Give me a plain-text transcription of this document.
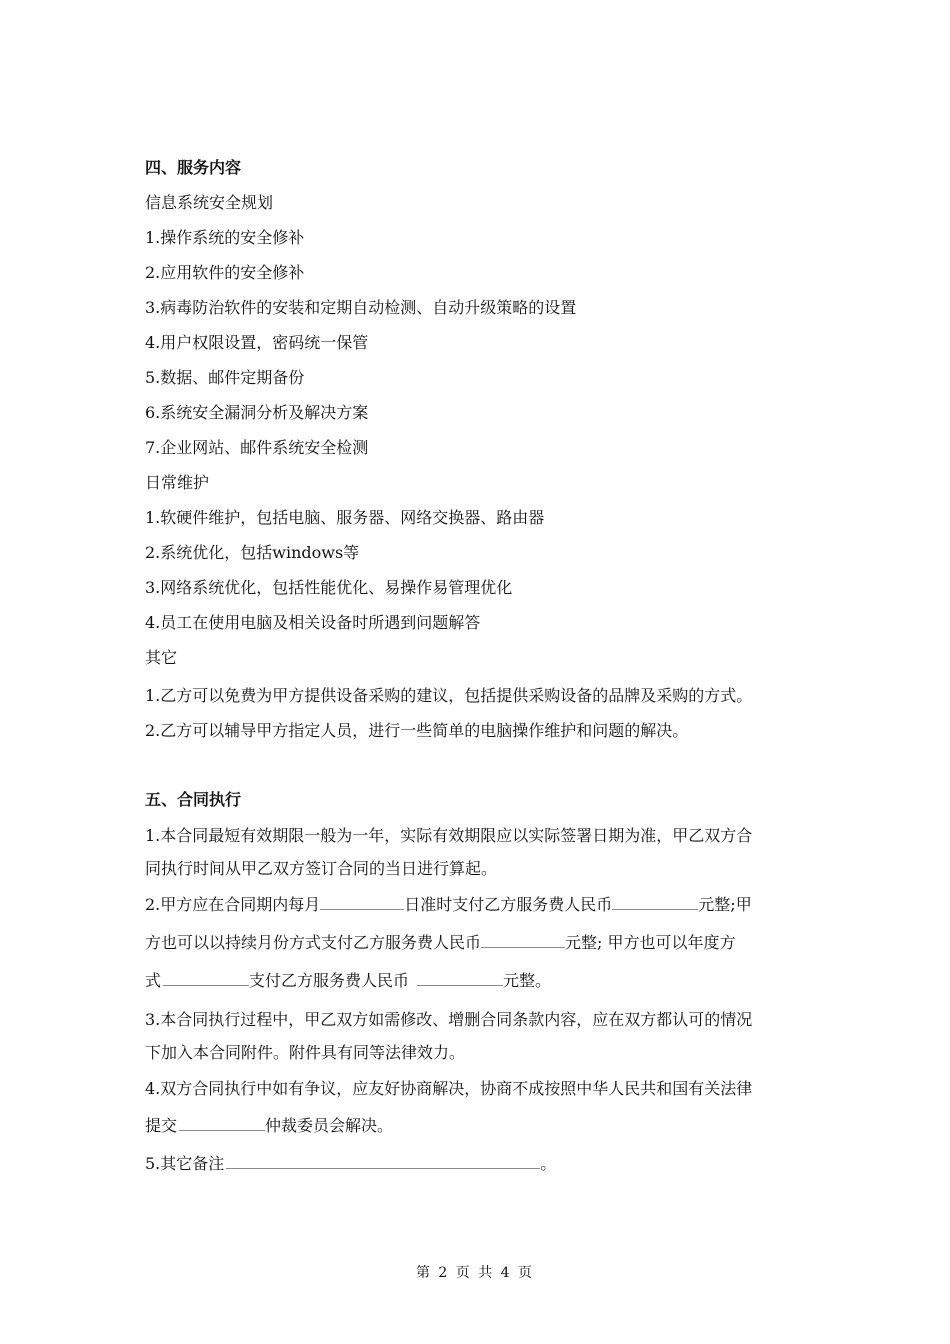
四、服务内容
信息系统安全规划
1.操作系统的安全修补
2.应用软件的安全修补
3.病毒防治软件的安装和定期自动检测、自动升级策略的设置
4.用户权限设置，密码统一保管
5.数据、邮件定期备份
6.系统安全漏洞分析及解决方案
7.企业网站、邮件系统安全检测
日常维护
1.软硬件维护，包括电脑、服务器、网络交换器、路由器
2.系统优化，包括windows等
3.网络系统优化，包括性能优化、易操作易管理优化
4.员工在使用电脑及相关设备时所遇到问题解答
其它
1.乙方可以免费为甲方提供设备采购的建议，包括提供采购设备的品牌及采购的方式。
2.乙方可以辅导甲方指定人员，进行一些简单的电脑操作维护和问题的解决。
五、合同执行
1.本合同最短有效期限一般为一年，实际有效期限应以实际签署日期为准，甲乙双方合
同执行时间从甲乙双方签订合同的当日进行算起。
2.甲方应在合同期内每月	日准时支付乙方服务费人民币	元整;甲
方也可以以持续月份方式支付乙方服务费人民币	元整; 甲方也可以年度方
式	支付乙方服务费人民币	元整。
3.本合同执行过程中，甲乙双方如需修改、增删合同条款内容，应在双方都认可的情况
下加入本合同附件。附件具有同等法律效力。
4.双方合同执行中如有争议，应友好协商解决，协商不成按照中华人民共和国有关法律
提交	仲裁委员会解决。
5.其它备注	。
第 2 页 共 4 页
